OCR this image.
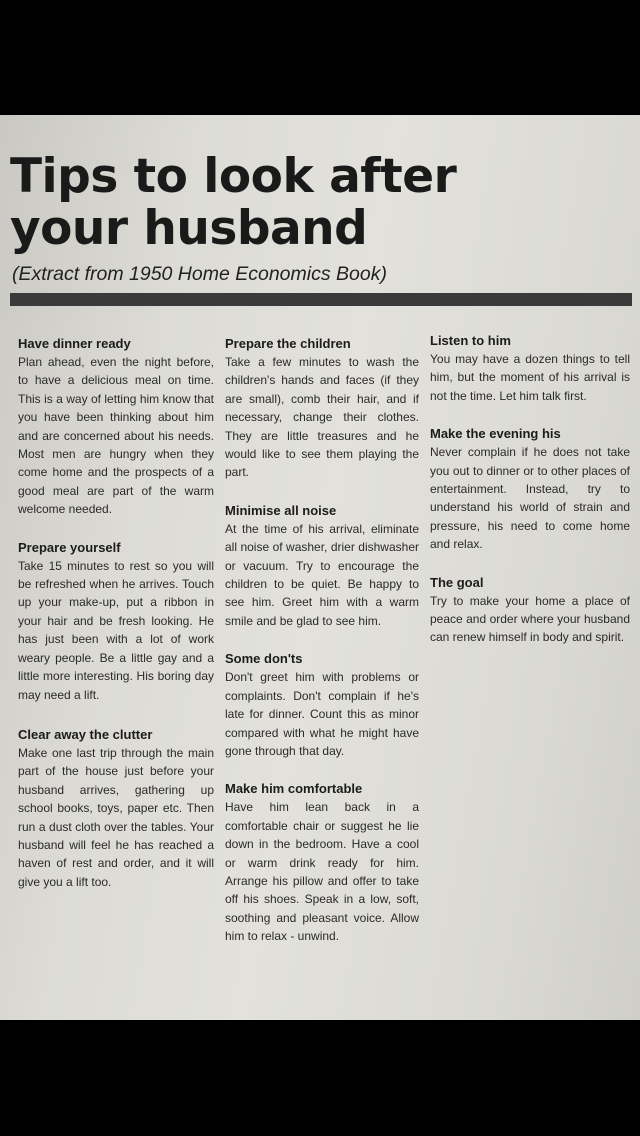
Tips to look after your husband
(Extract from 1950 Home Economics Book)
Have dinner ready
Plan ahead, even the night before, to have a delicious meal on time. This is a way of letting him know that you have been thinking about him and are concerned about his needs. Most men are hungry when they come home and the prospects of a good meal are part of the warm welcome needed.
Prepare yourself
Take 15 minutes to rest so you will be refreshed when he arrives. Touch up your make-up, put a ribbon in your hair and be fresh looking. He has just been with a lot of work weary people. Be a little gay and a little more interesting. His boring day may need a lift.
Clear away the clutter
Make one last trip through the main part of the house just before your husband arrives, gathering up school books, toys, paper etc. Then run a dust cloth over the tables. Your husband will feel he has reached a haven of rest and order, and it will give you a lift too.
Prepare the children
Take a few minutes to wash the children's hands and faces (if they are small), comb their hair, and if necessary, change their clothes. They are little treasures and he would like to see them playing the part.
Minimise all noise
At the time of his arrival, eliminate all noise of washer, drier dishwasher or vacuum. Try to encourage the children to be quiet. Be happy to see him. Greet him with a warm smile and be glad to see him.
Some don'ts
Don't greet him with problems or complaints. Don't complain if he's late for dinner. Count this as minor compared with what he might have gone through that day.
Make him comfortable
Have him lean back in a comfortable chair or suggest he lie down in the bedroom. Have a cool or warm drink ready for him. Arrange his pillow and offer to take off his shoes. Speak in a low, soft, soothing and pleasant voice. Allow him to relax - unwind.
Listen to him
You may have a dozen things to tell him, but the moment of his arrival is not the time. Let him talk first.
Make the evening his
Never complain if he does not take you out to dinner or to other places of entertainment. Instead, try to understand his world of strain and pressure, his need to come home and relax.
The goal
Try to make your home a place of peace and order where your husband can renew himself in body and spirit.
